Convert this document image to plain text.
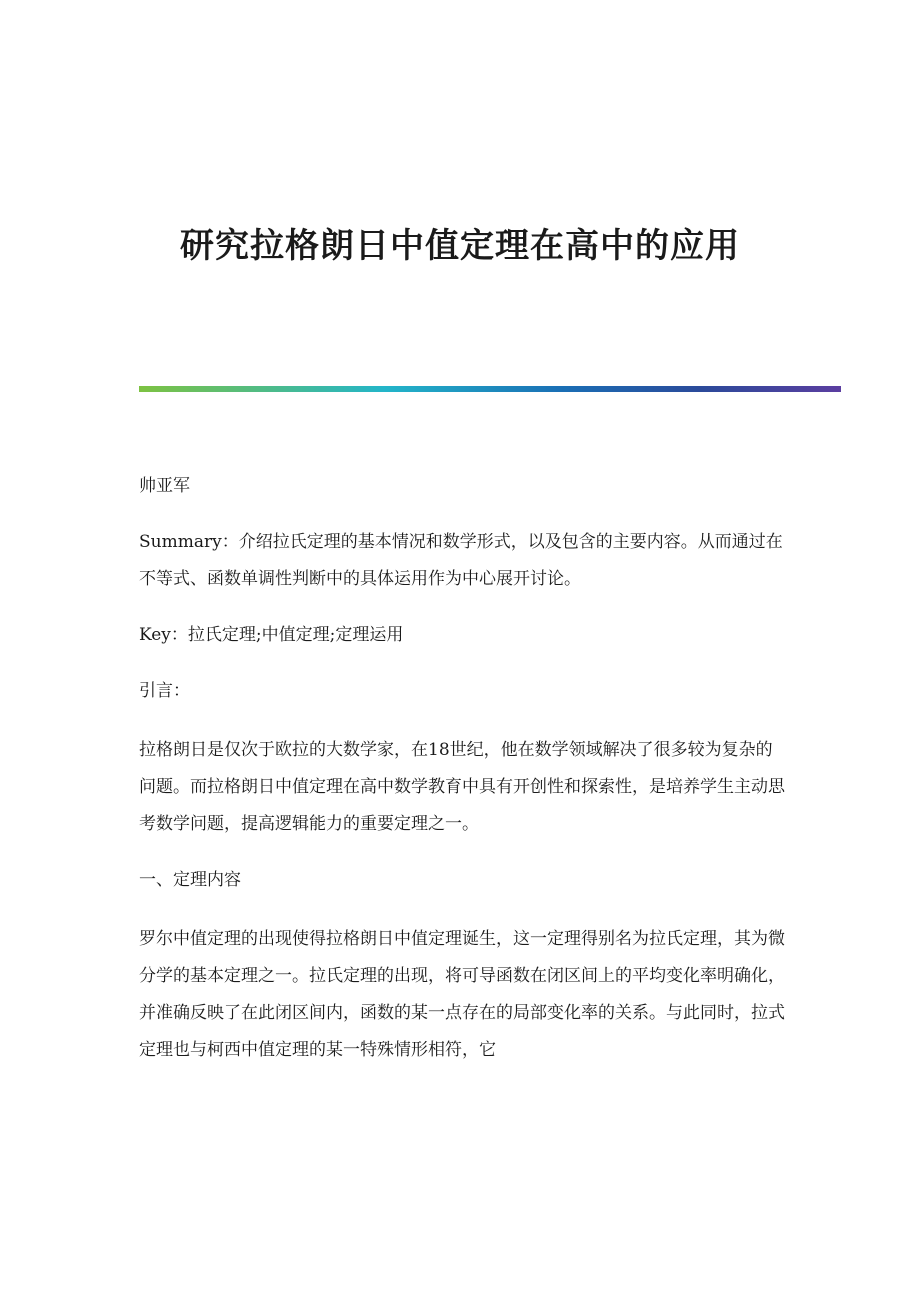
研究拉格朗日中值定理在高中的应用

帅亚军

Summary：介绍拉氏定理的基本情况和数学形式，以及包含的主要内容。从而通过在不等式、函数单调性判断中的具体运用作为中心展开讨论。

Key：拉氏定理;中值定理;定理运用

引言：

拉格朗日是仅次于欧拉的大数学家，在18世纪，他在数学领域解决了很多较为复杂的问题。而拉格朗日中值定理在高中数学教育中具有开创性和探索性，是培养学生主动思考数学问题，提高逻辑能力的重要定理之一。

一、定理内容

罗尔中值定理的出现使得拉格朗日中值定理诞生，这一定理得别名为拉氏定理，其为微分学的基本定理之一。拉氏定理的出现，将可导函数在闭区间上的平均变化率明确化，并准确反映了在此闭区间内，函数的某一点存在的局部变化率的关系。与此同时，拉式定理也与柯西中值定理的某一特殊情形相符，它
